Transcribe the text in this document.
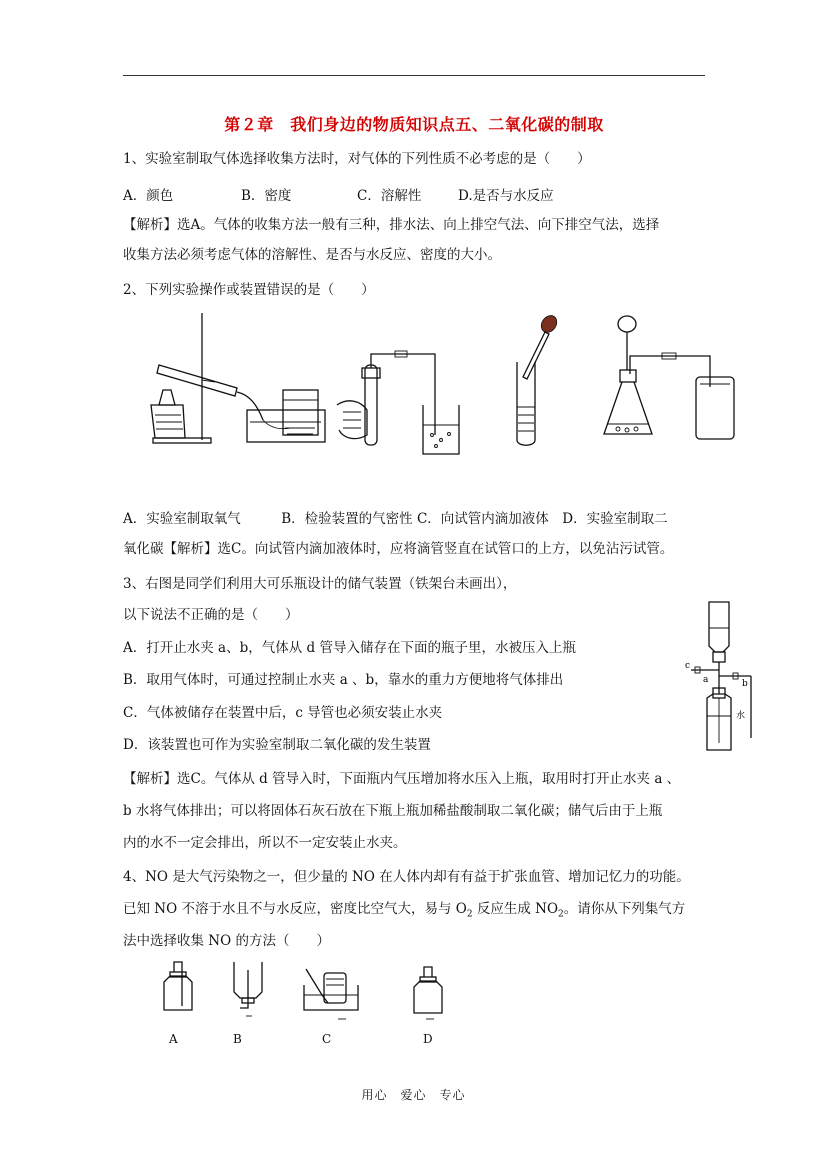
第２章　我们身边的物质知识点五、二氧化碳的制取
1、实验室制取气体选择收集方法时，对气体的下列性质不必考虑的是（　　）
A．颜色	B．密度	C．溶解性	D.是否与水反应
【解析】选A。气体的收集方法一般有三种，排水法、向上排空气法、向下排空气法，选择
收集方法必须考虑气体的溶解性、是否与水反应、密度的大小。
2、下列实验操作或装置错误的是（　　）
A．实验室制取氧气　　　B．检验装置的气密性 C．向试管内滴加液体　D．实验室制取二
氧化碳【解析】选C。向试管内滴加液体时，应将滴管竖直在试管口的上方，以免沾污试管。
3、右图是同学们利用大可乐瓶设计的储气装置（铁架台未画出），
以下说法不正确的是（　　）
A．打开止水夹 a、b，气体从 d 管导入储存在下面的瓶子里，水被压入上瓶
B．取用气体时，可通过控制止水夹 a 、b，靠水的重力方便地将气体排出
C．气体被储存在装置中后，c 导管也必须安装止水夹
D．该装置也可作为实验室制取二氧化碳的发生装置
c
a	b
水
【解析】选C。气体从 d 管导入时，下面瓶内气压增加将水压入上瓶，取用时打开止水夹 a 、
b 水将气体排出；可以将固体石灰石放在下瓶上瓶加稀盐酸制取二氧化碳；储气后由于上瓶
内的水不一定会排出，所以不一定安装止水夹。
4、NO 是大气污染物之一，但少量的 NO 在人体内却有有益于扩张血管、增加记忆力的功能。
已知 NO 不溶于水且不与水反应，密度比空气大，易与 $O_2$ 反应生成 $NO_2$。请你从下列集气方
法中选择收集 NO 的方法（　　）
A	B	C	D
用心　爱心　专心
